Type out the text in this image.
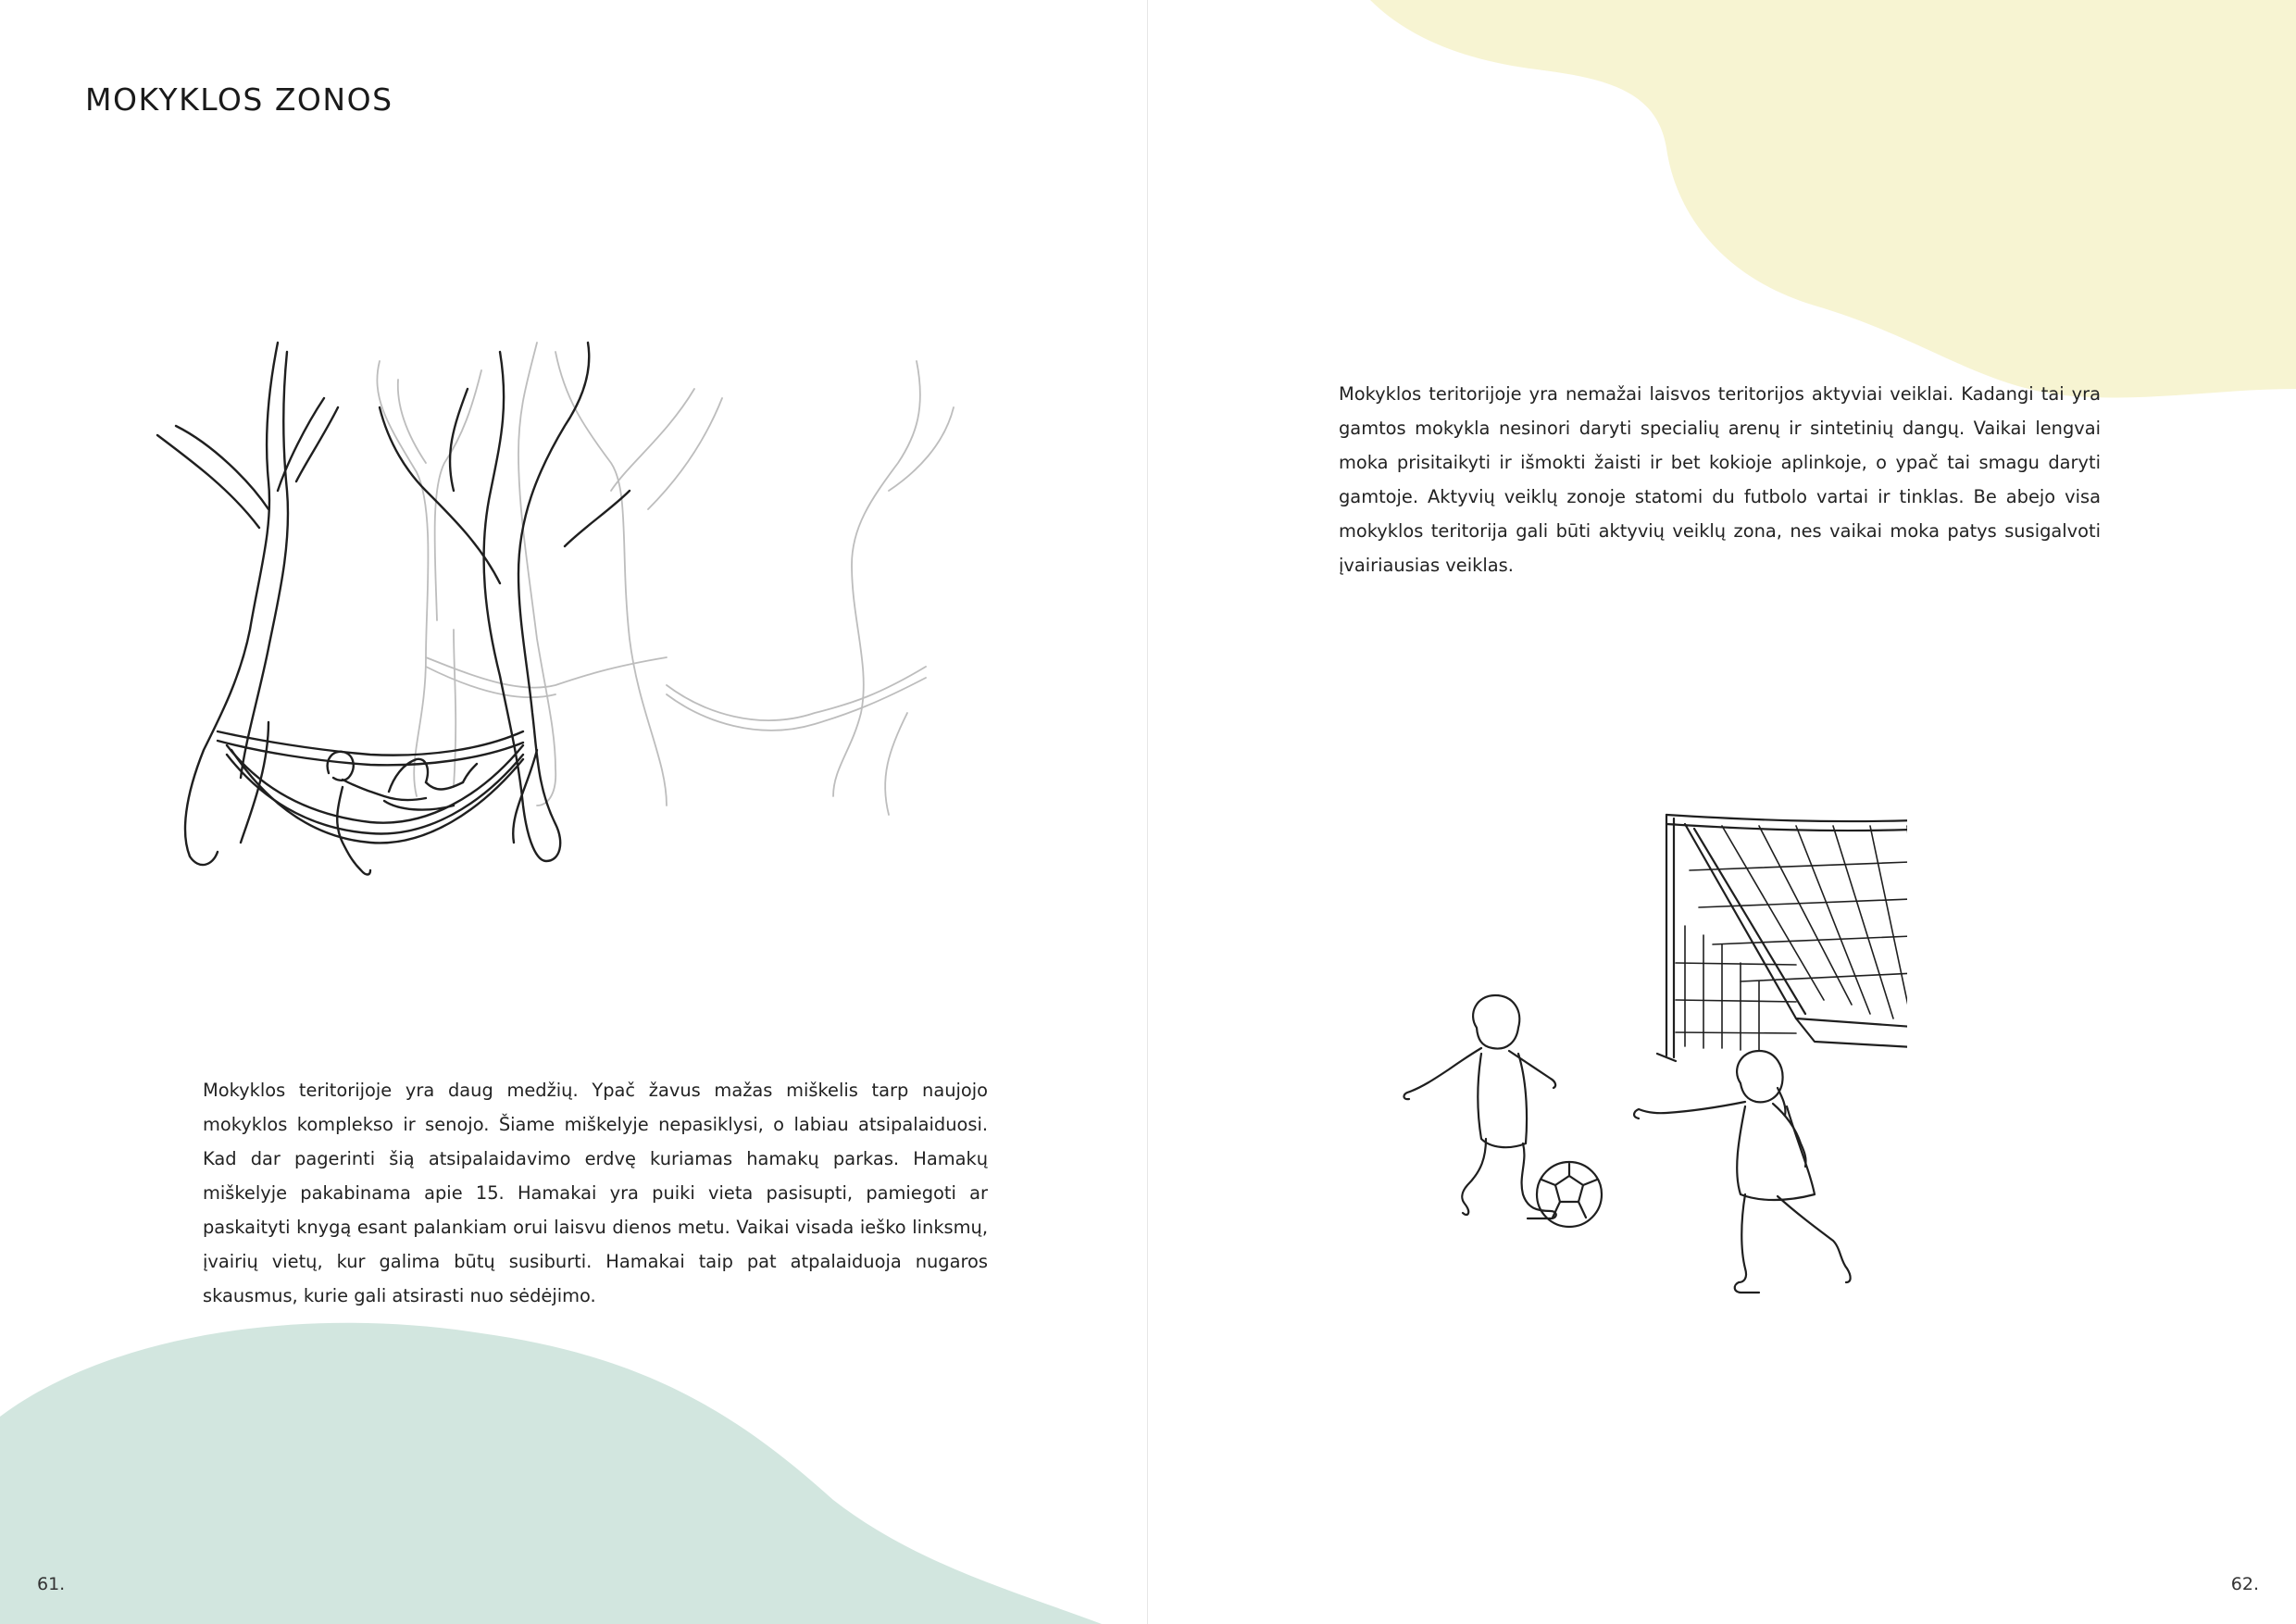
MOKYKLOS ZONOS

Mokyklos teritorijoje yra daug medžių. Ypač žavus mažas miškelis tarp naujojo mokyklos komplekso ir senojo. Šiame miškelyje nepasiklysi, o labiau atsipalaiduosi. Kad dar pagerinti šią atsipalaidavimo erdvę kuriamas hamakų parkas. Hamakų miškelyje pakabinama apie 15. Hamakai yra puiki vieta pasisupti, pamiegoti ar paskaityti knygą esant palankiam orui laisvu dienos metu. Vaikai visada ieško linksmų, įvairių vietų, kur galima būtų susiburti. Hamakai taip pat atpalaiduoja nugaros skausmus, kurie gali atsirasti nuo sėdėjimo.

61.

Mokyklos teritorijoje yra nemažai laisvos teritorijos aktyviai veiklai. Kadangi tai yra gamtos mokykla nesinori daryti specialių arenų ir sintetinių dangų. Vaikai lengvai moka prisitaikyti ir išmokti žaisti ir bet kokioje aplinkoje, o ypač tai smagu daryti gamtoje. Aktyvių veiklų zonoje statomi du futbolo vartai ir tinklas. Be abejo visa mokyklos teritorija gali būti aktyvių veiklų zona, nes vaikai moka patys susigalvoti įvairiausias veiklas.

62.
